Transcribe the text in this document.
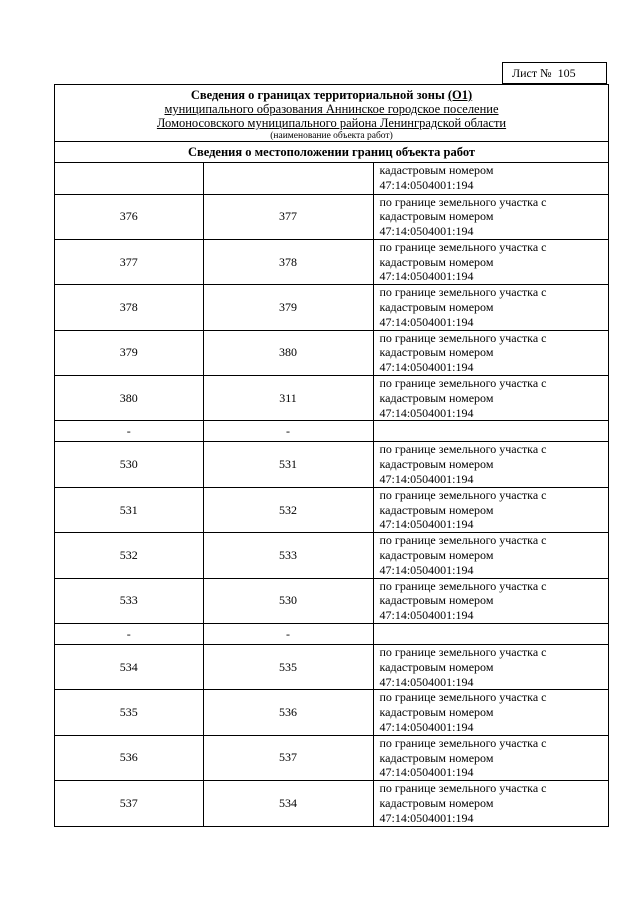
Лист № 105
Сведения о границах территориальной зоны (О1)
муниципального образования Аннинское городское поселение
Ломоносовского муниципального района Ленинградской области
(наименование объекта работ)
Сведения о местоположении границ объекта работ
		кадастровым номером
47:14:0504001:194
376	377	по границе земельного участка с
кадастровым номером
47:14:0504001:194
377	378	по границе земельного участка с
кадастровым номером
47:14:0504001:194
378	379	по границе земельного участка с
кадастровым номером
47:14:0504001:194
379	380	по границе земельного участка с
кадастровым номером
47:14:0504001:194
380	311	по границе земельного участка с
кадастровым номером
47:14:0504001:194
-	-	
530	531	по границе земельного участка с
кадастровым номером
47:14:0504001:194
531	532	по границе земельного участка с
кадастровым номером
47:14:0504001:194
532	533	по границе земельного участка с
кадастровым номером
47:14:0504001:194
533	530	по границе земельного участка с
кадастровым номером
47:14:0504001:194
-	-	
534	535	по границе земельного участка с
кадастровым номером
47:14:0504001:194
535	536	по границе земельного участка с
кадастровым номером
47:14:0504001:194
536	537	по границе земельного участка с
кадастровым номером
47:14:0504001:194
537	534	по границе земельного участка с
кадастровым номером
47:14:0504001:194
